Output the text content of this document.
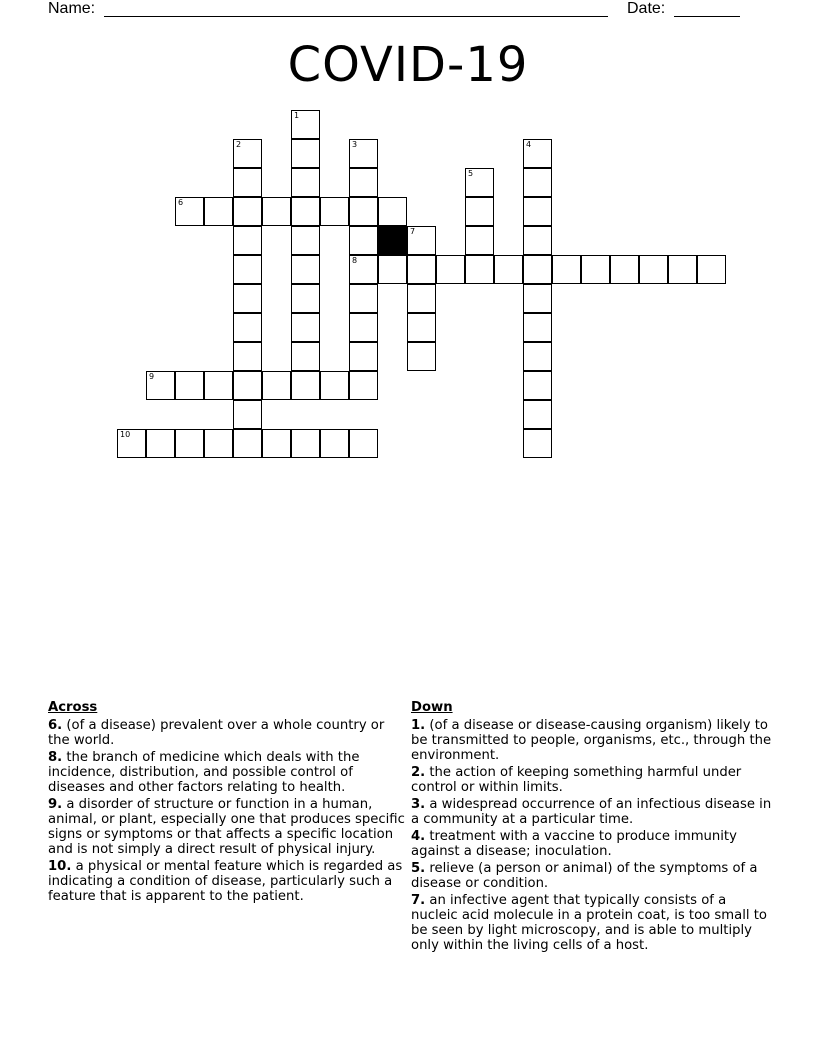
Name:	Date:
COVID-19
6
8
9
10
1
2	3	4
5
7
Across
6. (of a disease) prevalent over a whole country or the world.
8. the branch of medicine which deals with the incidence, distribution, and possible control of diseases and other factors relating to health.
9. a disorder of structure or function in a human, animal, or plant, especially one that produces specific signs or symptoms or that affects a specific location and is not simply a direct result of physical injury.
10. a physical or mental feature which is regarded as indicating a condition of disease, particularly such a feature that is apparent to the patient.
Down
1. (of a disease or disease-causing organism) likely to be transmitted to people, organisms, etc., through the environment.
2. the action of keeping something harmful under control or within limits.
3. a widespread occurrence of an infectious disease in a community at a particular time.
4. treatment with a vaccine to produce immunity against a disease; inoculation.
5. relieve (a person or animal) of the symptoms of a disease or condition.
7. an infective agent that typically consists of a nucleic acid molecule in a protein coat, is too small to be seen by light microscopy, and is able to multiply only within the living cells of a host.
